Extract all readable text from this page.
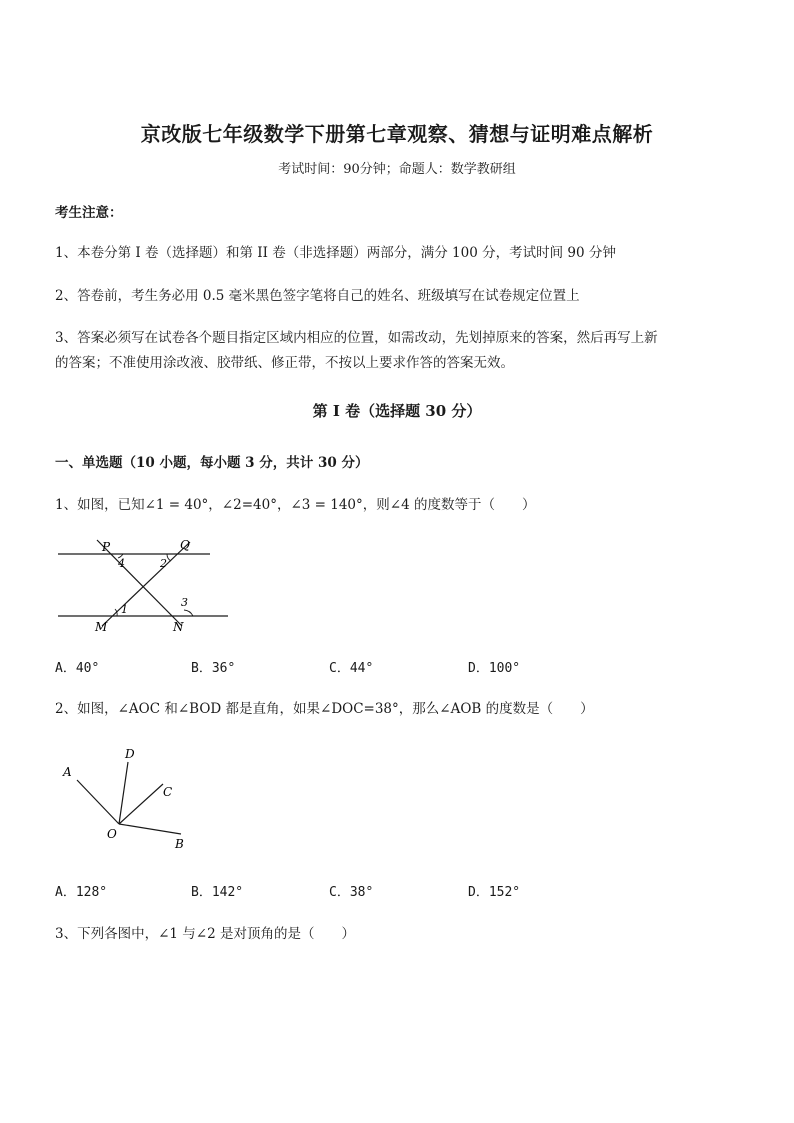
京改版七年级数学下册第七章观察、猜想与证明难点解析
考试时间：90分钟；命题人：数学教研组
考生注意：
1、本卷分第 I 卷（选择题）和第 II 卷（非选择题）两部分，满分 100 分，考试时间 90 分钟
2、答卷前，考生务必用 0.5 毫米黑色签字笔将自己的姓名、班级填写在试卷规定位置上
3、答案必须写在试卷各个题目指定区域内相应的位置，如需改动，先划掉原来的答案，然后再写上新
的答案；不准使用涂改液、胶带纸、修正带，不按以上要求作答的答案无效。
第 I 卷（选择题 30 分）
一、单选题（10 小题，每小题 3 分，共计 30 分）
1、如图，已知∠1 = 40°，∠2=40°，∠3 = 140°，则∠4 的度数等于（　　）
P	Q
M	N
1
2
3
4
A．40°	B．36°	C．44°	D．100°
2、如图，∠AOC 和∠BOD 都是直角，如果∠DOC=38°，那么∠AOB 的度数是（　　）
A
B
C
D
O
A．128°	B．142°	C．38°	D．152°
3、下列各图中，∠1 与∠2 是对顶角的是（　　）
